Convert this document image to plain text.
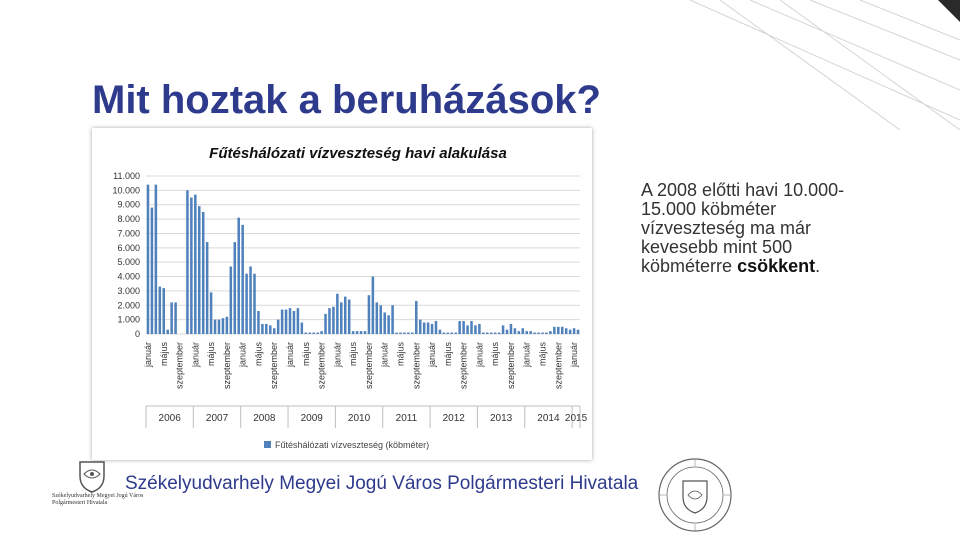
Mit hoztak a beruházások?
Fűtéshálózati vízveszteség havi alakulása
0
1.000
2.000
3.000
4.000
5.000
6.000
7.000
8.000
9.000
10.000
11.000
január május szeptember január május szeptember január május szeptember január május szeptember január május szeptember január május szeptember január május szeptember január május szeptember január május szeptember január
2006	2007	2008	2009	2010	2011	2012	2013	2014 2015
Fűtéshálózati vízveszteség (köbméter)

A 2008 előtti havi 10.000-15.000 köbméter vízveszteség ma már kevesebb mint 500 köbméterre csökkent.

Székelyudvarhely Megyei Jogú Város
Polgármesteri Hivatala
Székelyudvarhely Megyei Jogú Város Polgármesteri Hivatala
